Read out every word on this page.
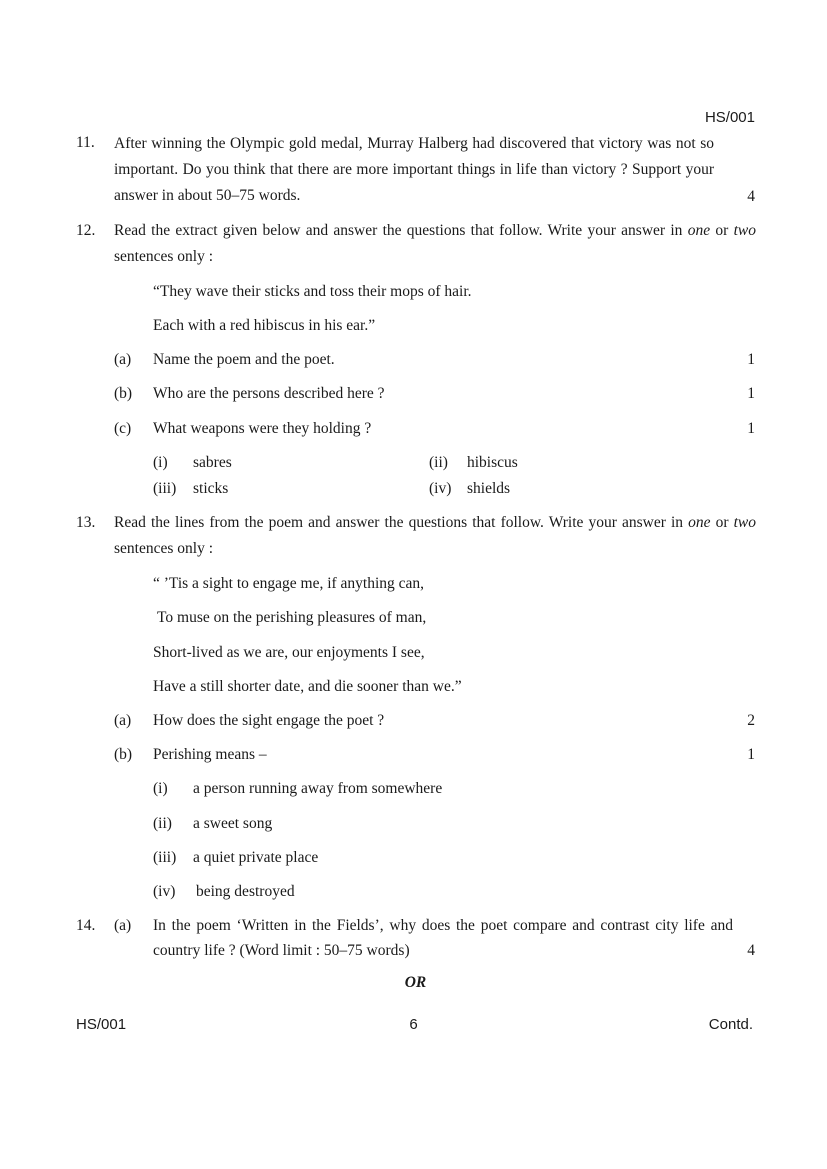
HS/001
11. After winning the Olympic gold medal, Murray Halberg had discovered that victory was not so important. Do you think that there are more important things in life than victory ? Support your answer in about 50–75 words.	4
12. Read the extract given below and answer the questions that follow. Write your answer in one or two sentences only :
“They wave their sticks and toss their mops of hair.
Each with a red hibiscus in his ear.”
(a) Name the poem and the poet.	1
(b) Who are the persons described here ?	1
(c) What weapons were they holding ?	1
(i) sabres	(ii) hibiscus
(iii) sticks	(iv) shields
13. Read the lines from the poem and answer the questions that follow. Write your answer in one or two sentences only :
“ ’Tis a sight to engage me, if anything can,
To muse on the perishing pleasures of man,
Short-lived as we are, our enjoyments I see,
Have a still shorter date, and die sooner than we.”
(a) How does the sight engage the poet ?	2
(b) Perishing means –	1
(i) a person running away from somewhere
(ii) a sweet song
(iii) a quiet private place
(iv) being destroyed
14. (a) In the poem ‘Written in the Fields’, why does the poet compare and contrast city life and country life ? (Word limit : 50–75 words)	4
OR
HS/001	6	Contd.
